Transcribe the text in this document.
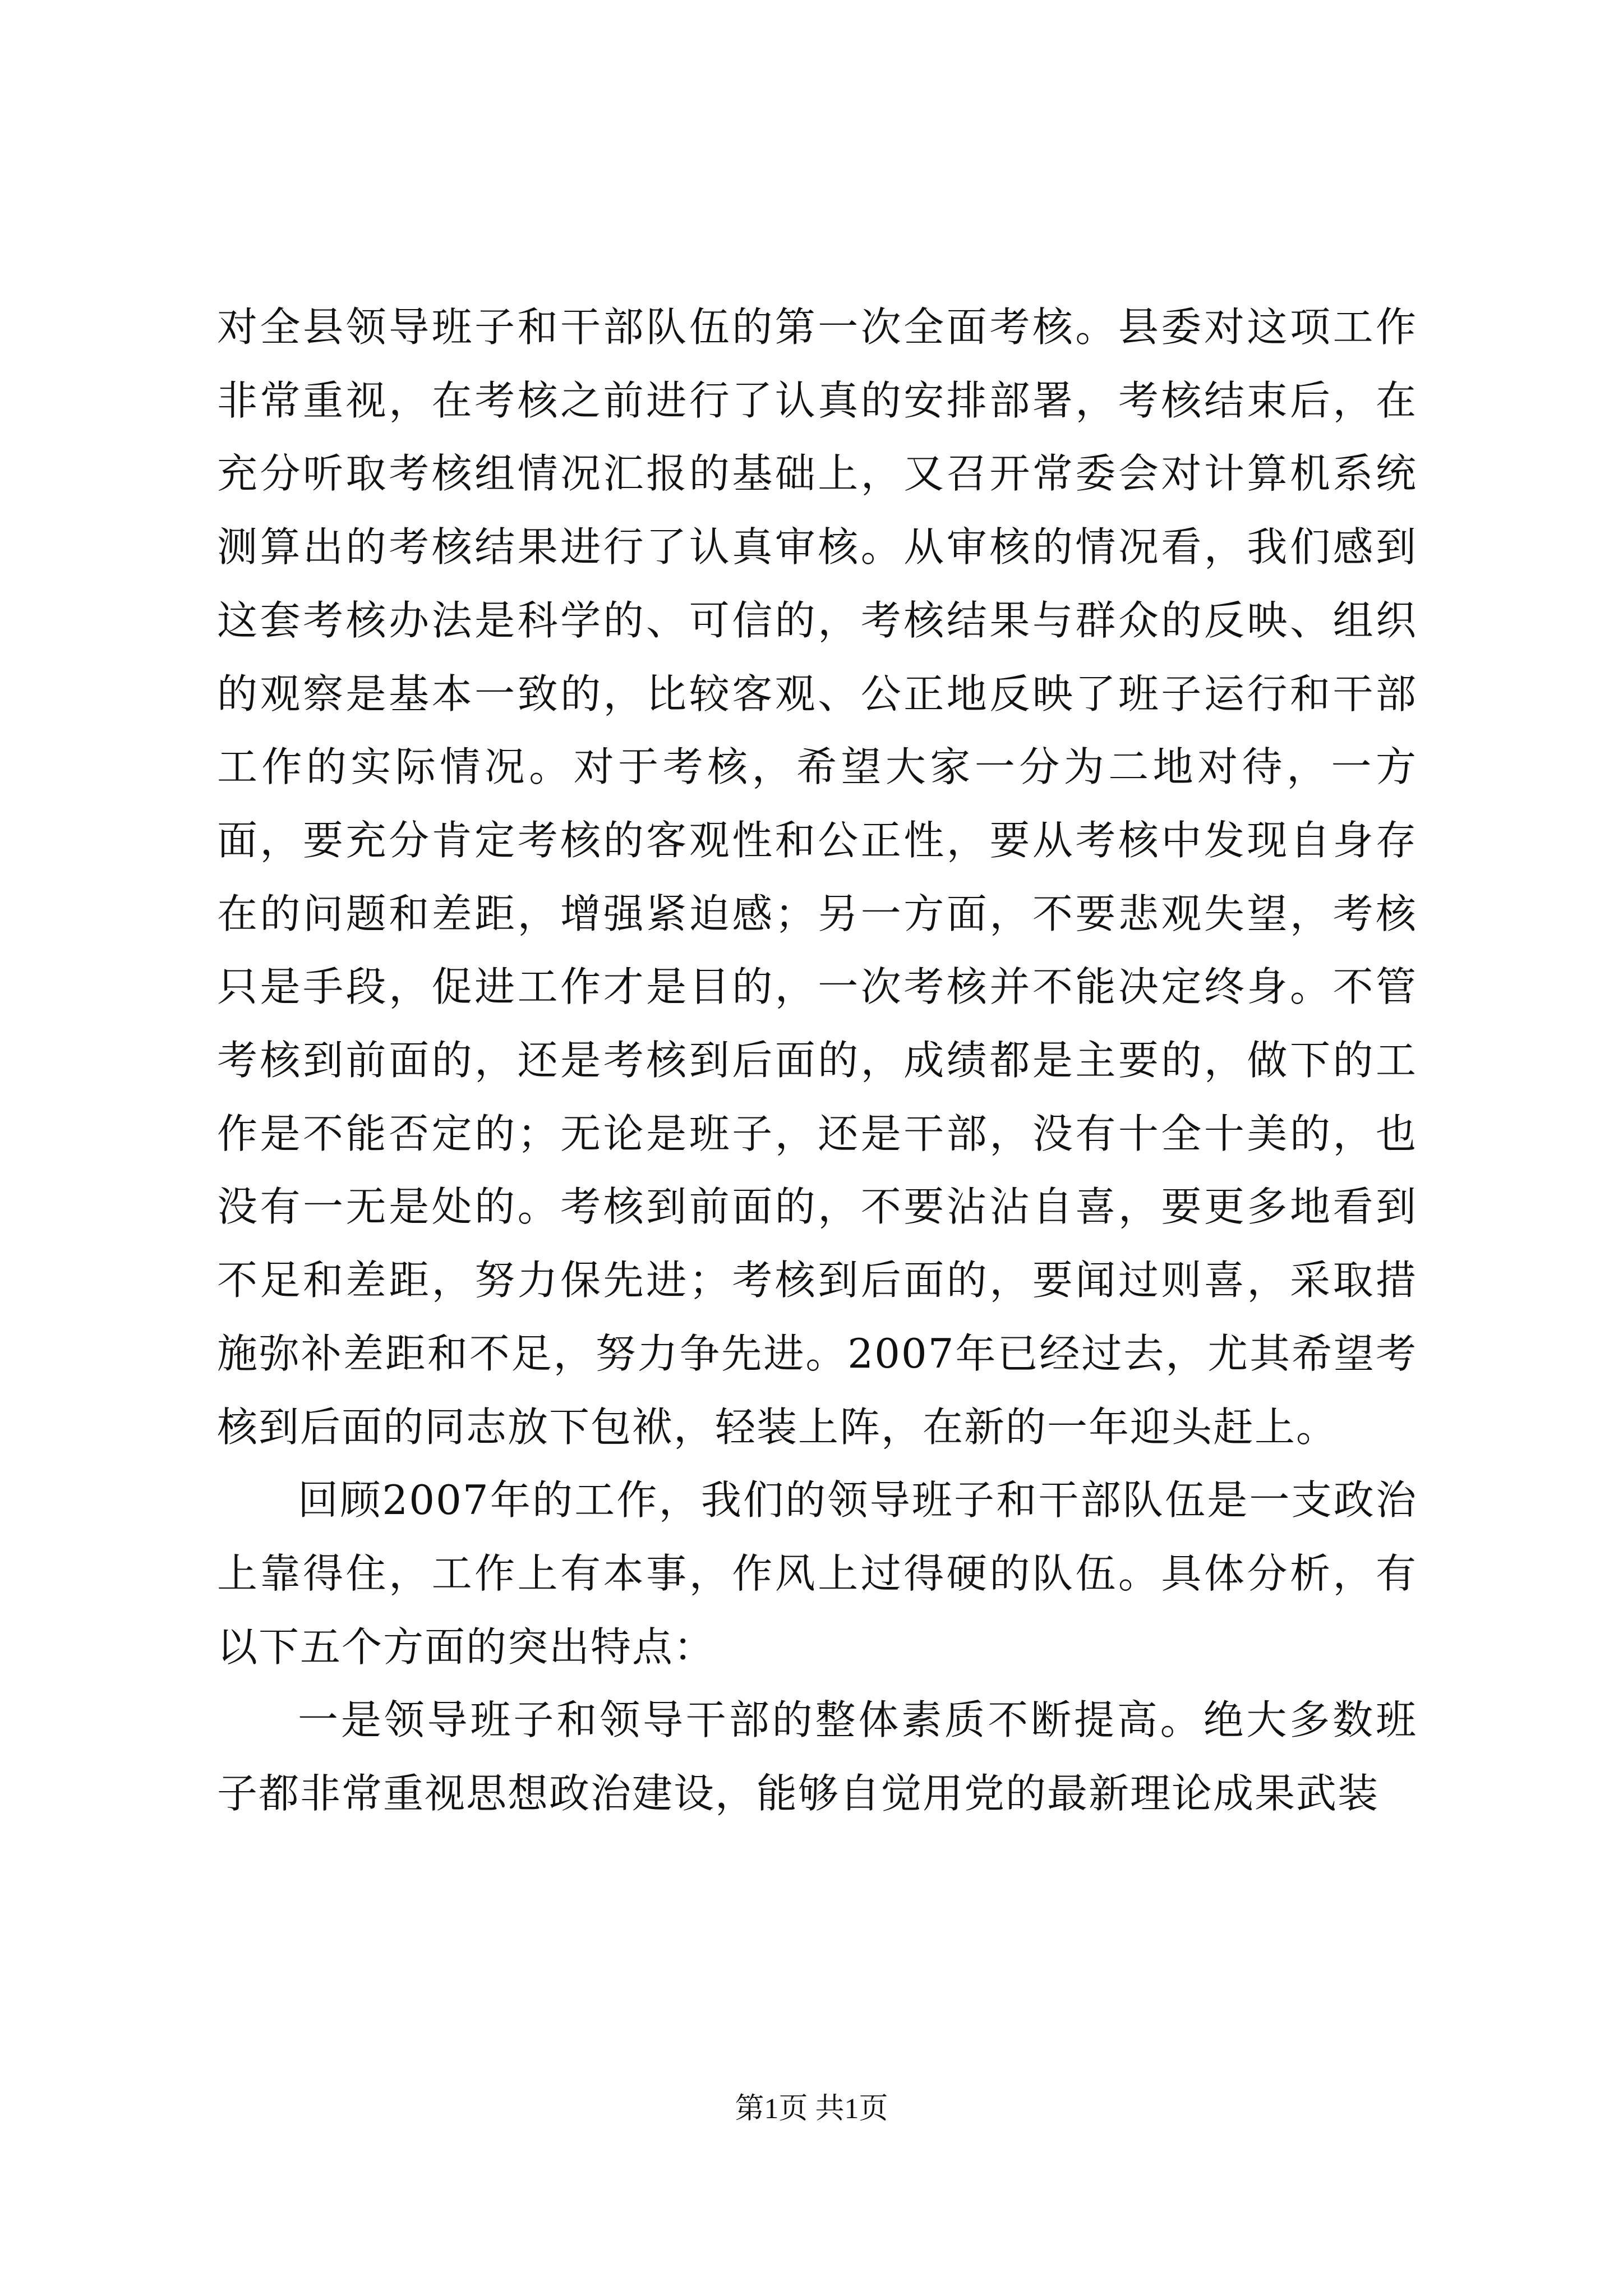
对全县领导班子和干部队伍的第一次全面考核。县委对这项工作非常重视，在考核之前进行了认真的安排部署，考核结束后，在充分听取考核组情况汇报的基础上，又召开常委会对计算机系统测算出的考核结果进行了认真审核。从审核的情况看，我们感到这套考核办法是科学的、可信的，考核结果与群众的反映、组织的观察是基本一致的，比较客观、公正地反映了班子运行和干部工作的实际情况。对于考核，希望大家一分为二地对待，一方面，要充分肯定考核的客观性和公正性，要从考核中发现自身存在的问题和差距，增强紧迫感；另一方面，不要悲观失望，考核只是手段，促进工作才是目的，一次考核并不能决定终身。不管考核到前面的，还是考核到后面的，成绩都是主要的，做下的工作是不能否定的；无论是班子，还是干部，没有十全十美的，也没有一无是处的。考核到前面的，不要沾沾自喜，要更多地看到不足和差距，努力保先进；考核到后面的，要闻过则喜，采取措施弥补差距和不足，努力争先进。2007年已经过去，尤其希望考核到后面的同志放下包袱，轻装上阵，在新的一年迎头赶上。

回顾2007年的工作，我们的领导班子和干部队伍是一支政治上靠得住，工作上有本事，作风上过得硬的队伍。具体分析，有以下五个方面的突出特点：

一是领导班子和领导干部的整体素质不断提高。绝大多数班子都非常重视思想政治建设，能够自觉用党的最新理论成果武装

第1页 共1页
